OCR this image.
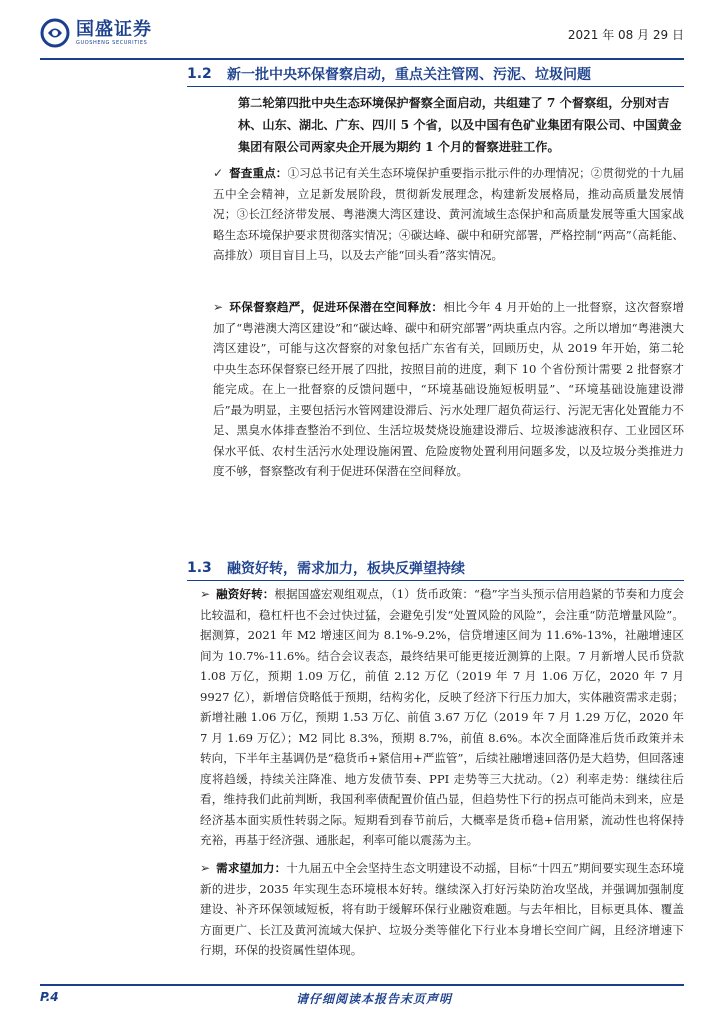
国盛证券
GUOSHENG SECURITIES
2021 年 08 月 29 日
1.2	新一批中央环保督察启动，重点关注管网、污泥、垃圾问题
第二轮第四批中央生态环境保护督察全面启动，共组建了 7 个督察组，分别对吉林、山东、湖北、广东、四川 5 个省，以及中国有色矿业集团有限公司、中国黄金集团有限公司两家央企开展为期约 1 个月的督察进驻工作。
✓ 督查重点：①习总书记有关生态环境保护重要指示批示件的办理情况；②贯彻党的十九届五中全会精神，立足新发展阶段，贯彻新发展理念，构建新发展格局，推动高质量发展情况；③长江经济带发展、粤港澳大湾区建设、黄河流域生态保护和高质量发展等重大国家战略生态环境保护要求贯彻落实情况；④碳达峰、碳中和研究部署，严格控制“两高”（高耗能、高排放）项目盲目上马，以及去产能“回头看”落实情况。
➢ 环保督察趋严，促进环保潜在空间释放：相比今年 4 月开始的上一批督察，这次督察增加了“粤港澳大湾区建设”和“碳达峰、碳中和研究部署”两块重点内容。之所以增加“粤港澳大湾区建设”，可能与这次督察的对象包括广东省有关，回顾历史，从 2019 年开始，第二轮中央生态环保督察已经开展了四批，按照目前的进度，剩下 10 个省份预计需要 2 批督察才能完成。在上一批督察的反馈问题中，“环境基础设施短板明显”、“环境基础设施建设滞后”最为明显，主要包括污水管网建设滞后、污水处理厂超负荷运行、污泥无害化处置能力不足、黑臭水体排查整治不到位、生活垃圾焚烧设施建设滞后、垃圾渗滤液积存、工业园区环保水平低、农村生活污水处理设施闲置、危险废物处置利用问题多发，以及垃圾分类推进力度不够，督察整改有利于促进环保潜在空间释放。
1.3	融资好转，需求加力，板块反弹望持续
➢ 融资好转：根据国盛宏观组观点，（1）货币政策：“稳”字当头预示信用趋紧的节奏和力度会比较温和，稳杠杆也不会过快过猛，会避免引发“处置风险的风险”，会注重“防范增量风险”。据测算，2021 年 M2 增速区间为 8.1%-9.2%，信贷增速区间为 11.6%-13%，社融增速区间为 10.7%-11.6%。结合会议表态，最终结果可能更接近测算的上限。7 月新增人民币贷款 1.08 万亿，预期 1.09 万亿，前值 2.12 万亿（2019 年 7 月 1.06 万亿，2020 年 7 月 9927 亿），新增信贷略低于预期，结构劣化，反映了经济下行压力加大，实体融资需求走弱；新增社融 1.06 万亿，预期 1.53 万亿、前值 3.67 万亿（2019 年 7 月 1.29 万亿，2020 年 7 月 1.69 万亿）；M2 同比 8.3%，预期 8.7%，前值 8.6%。本次全面降准后货币政策并未转向，下半年主基调仍是“稳货币+紧信用+严监管”，后续社融增速回落仍是大趋势，但回落速度将趋缓，持续关注降准、地方发债节奏、PPI 走势等三大扰动。（2）利率走势：继续往后看，维持我们此前判断，我国利率债配置价值凸显，但趋势性下行的拐点可能尚未到来，应是经济基本面实质性转弱之际。短期看到春节前后，大概率是货币稳+信用紧，流动性也将保持充裕，再基于经济强、通胀起，利率可能以震荡为主。
➢ 需求望加力：十九届五中全会坚持生态文明建设不动摇，目标“十四五”期间要实现生态环境新的进步，2035 年实现生态环境根本好转。继续深入打好污染防治攻坚战，并强调加强制度建设、补齐环保领域短板，将有助于缓解环保行业融资难题。与去年相比，目标更具体、覆盖方面更广、长江及黄河流域大保护、垃圾分类等催化下行业本身增长空间广阔，且经济增速下行期，环保的投资属性望体现。
P.4	请仔细阅读本报告末页声明
